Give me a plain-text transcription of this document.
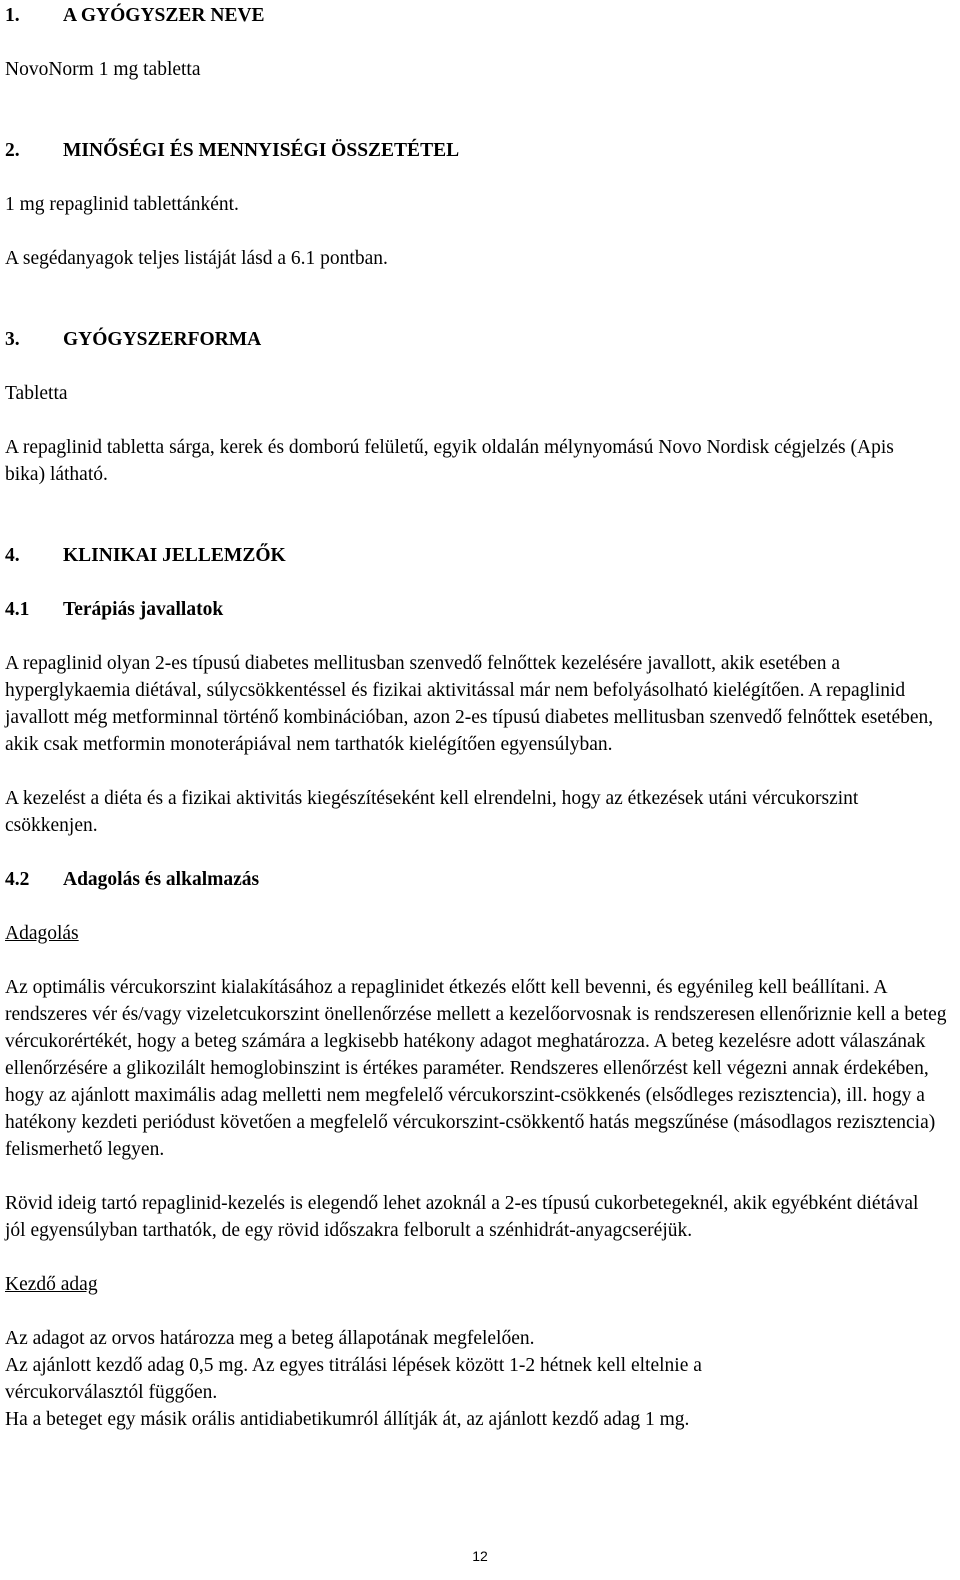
1.	A GYÓGYSZER NEVE

NovoNorm 1 mg tabletta

2.	MINŐSÉGI ÉS MENNYISÉGI ÖSSZETÉTEL

1 mg repaglinid tablettánként.

A segédanyagok teljes listáját lásd a 6.1 pontban.

3.	GYÓGYSZERFORMA

Tabletta

A repaglinid tabletta sárga, kerek és domború felületű, egyik oldalán mélynyomású Novo Nordisk cégjelzés (Apis bika) látható.

4.	KLINIKAI JELLEMZŐK
4.1	Terápiás javallatok

A repaglinid olyan 2-es típusú diabetes mellitusban szenvedő felnőttek kezelésére javallott, akik esetében a hyperglykaemia diétával, súlycsökkentéssel és fizikai aktivitással már nem befolyásolható kielégítően. A repaglinid javallott még metforminnal történő kombinációban, azon 2-es típusú diabetes mellitusban szenvedő felnőttek esetében, akik csak metformin monoterápiával nem tarthatók kielégítően egyensúlyban.

A kezelést a diéta és a fizikai aktivitás kiegészítéseként kell elrendelni, hogy az étkezések utáni vércukorszint csökkenjen.

4.2	Adagolás és alkalmazás

Adagolás

Az optimális vércukorszint kialakításához a repaglinidet étkezés előtt kell bevenni, és egyénileg kell beállítani. A rendszeres vér és/vagy vizeletcukorszint önellenőrzése mellett a kezelőorvosnak is rendszeresen ellenőriznie kell a beteg vércukorértékét, hogy a beteg számára a legkisebb hatékony adagot meghatározza. A beteg kezelésre adott válaszának ellenőrzésére a glikozilált hemoglobinszint is értékes paraméter. Rendszeres ellenőrzést kell végezni annak érdekében, hogy az ajánlott maximális adag melletti nem megfelelő vércukorszint-csökkenés (elsődleges rezisztencia), ill. hogy a hatékony kezdeti periódust követően a megfelelő vércukorszint-csökkentő hatás megszűnése (másodlagos rezisztencia) felismerhető legyen.

Rövid ideig tartó repaglinid-kezelés is elegendő lehet azoknál a 2-es típusú cukorbetegeknél, akik egyébként diétával jól egyensúlyban tarthatók, de egy rövid időszakra felborult a szénhidrát-anyagcseréjük.

Kezdő adag

Az adagot az orvos határozza meg a beteg állapotának megfelelően.

Az ajánlott kezdő adag 0,5 mg. Az egyes titrálási lépések között 1-2 hétnek kell eltelnie a vércukorválasztól függően.

Ha a beteget egy másik orális antidiabetikumról állítják át, az ajánlott kezdő adag 1 mg.

12
